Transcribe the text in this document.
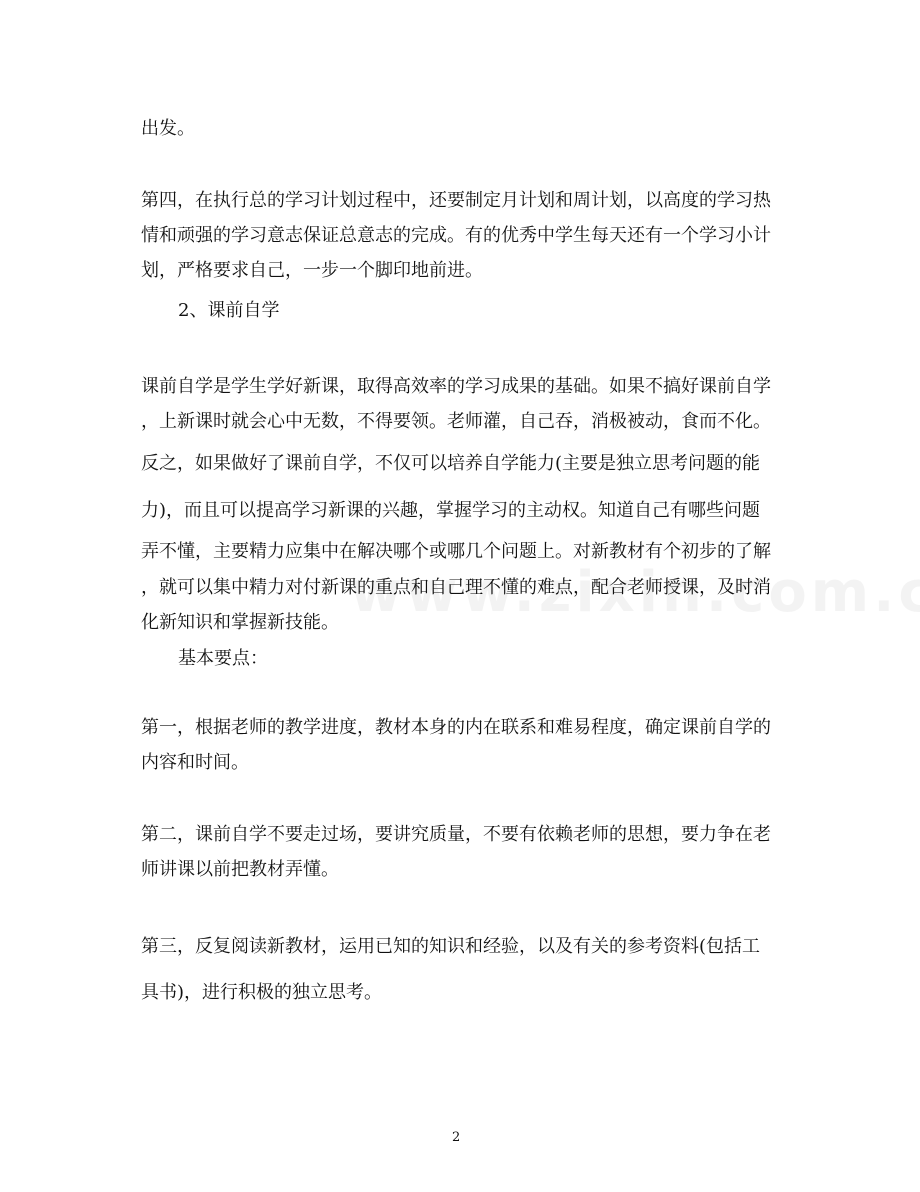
出发。
第四，在执行总的学习计划过程中，还要制定月计划和周计划，以高度的学习热
情和顽强的学习意志保证总意志的完成。有的优秀中学生每天还有一个学习小计
划，严格要求自己，一步一个脚印地前进。
2、课前自学
课前自学是学生学好新课，取得高效率的学习成果的基础。如果不搞好课前自学
，上新课时就会心中无数，不得要领。老师灌，自己吞，消极被动，食而不化。
反之，如果做好了课前自学，不仅可以培养自学能力(主要是独立思考问题的能
力)，而且可以提高学习新课的兴趣，掌握学习的主动权。知道自己有哪些问题
弄不懂，主要精力应集中在解决哪个或哪几个问题上。对新教材有个初步的了解
，就可以集中精力对付新课的重点和自己理不懂的难点，配合老师授课，及时消
化新知识和掌握新技能。
基本要点：
第一，根据老师的教学进度，教材本身的内在联系和难易程度，确定课前自学的
内容和时间。
第二，课前自学不要走过场，要讲究质量，不要有依赖老师的思想，要力争在老
师讲课以前把教材弄懂。
第三，反复阅读新教材，运用已知的知识和经验，以及有关的参考资料(包括工
具书)，进行积极的独立思考。
2
